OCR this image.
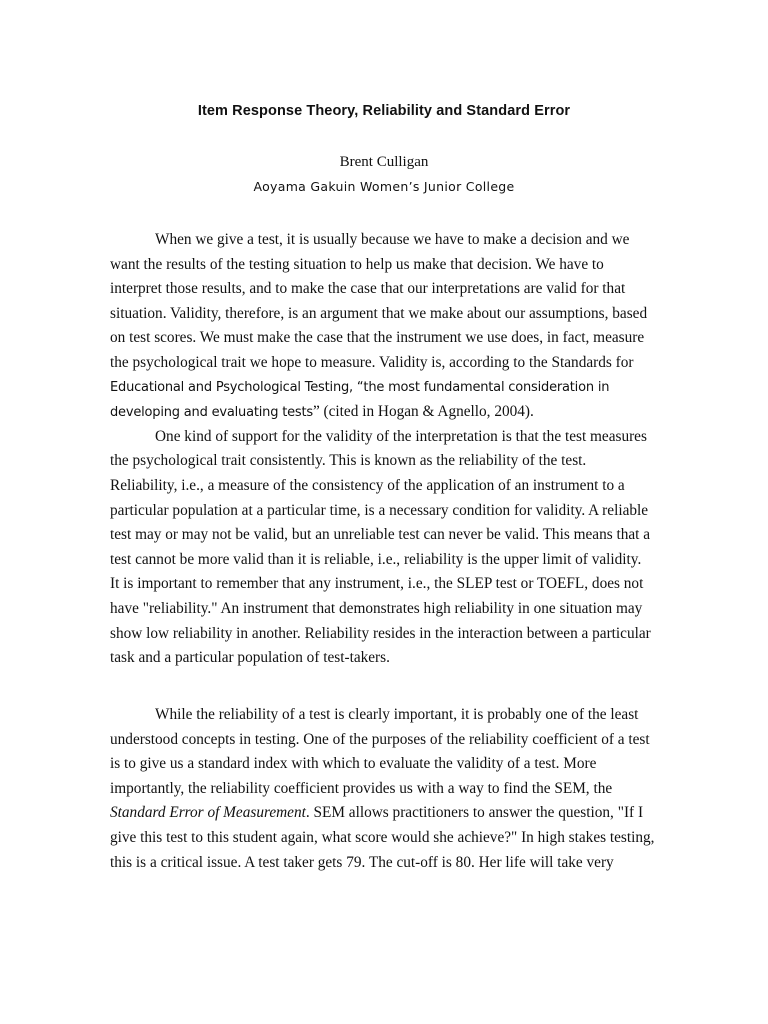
Item Response Theory, Reliability and Standard Error
Brent Culligan
Aoyama Gakuin Women’s Junior College
When we give a test, it is usually because we have to make a decision and we
want the results of the testing situation to help us make that decision. We have to
interpret those results, and to make the case that our interpretations are valid for that
situation. Validity, therefore, is an argument that we make about our assumptions, based
on test scores. We must make the case that the instrument we use does, in fact, measure
the psychological trait we hope to measure. Validity is, according to the Standards for
Educational and Psychological Testing, “the most fundamental consideration in
developing and evaluating tests” (cited in Hogan & Agnello, 2004).
One kind of support for the validity of the interpretation is that the test measures
the psychological trait consistently. This is known as the reliability of the test.
Reliability, i.e., a measure of the consistency of the application of an instrument to a
particular population at a particular time, is a necessary condition for validity. A reliable
test may or may not be valid, but an unreliable test can never be valid. This means that a
test cannot be more valid than it is reliable, i.e., reliability is the upper limit of validity.
It is important to remember that any instrument, i.e., the SLEP test or TOEFL, does not
have "reliability." An instrument that demonstrates high reliability in one situation may
show low reliability in another. Reliability resides in the interaction between a particular
task and a particular population of test-takers.
While the reliability of a test is clearly important, it is probably one of the least
understood concepts in testing. One of the purposes of the reliability coefficient of a test
is to give us a standard index with which to evaluate the validity of a test. More
importantly, the reliability coefficient provides us with a way to find the SEM, the
Standard Error of Measurement. SEM allows practitioners to answer the question, "If I
give this test to this student again, what score would she achieve?" In high stakes testing,
this is a critical issue. A test taker gets 79. The cut-off is 80. Her life will take very
